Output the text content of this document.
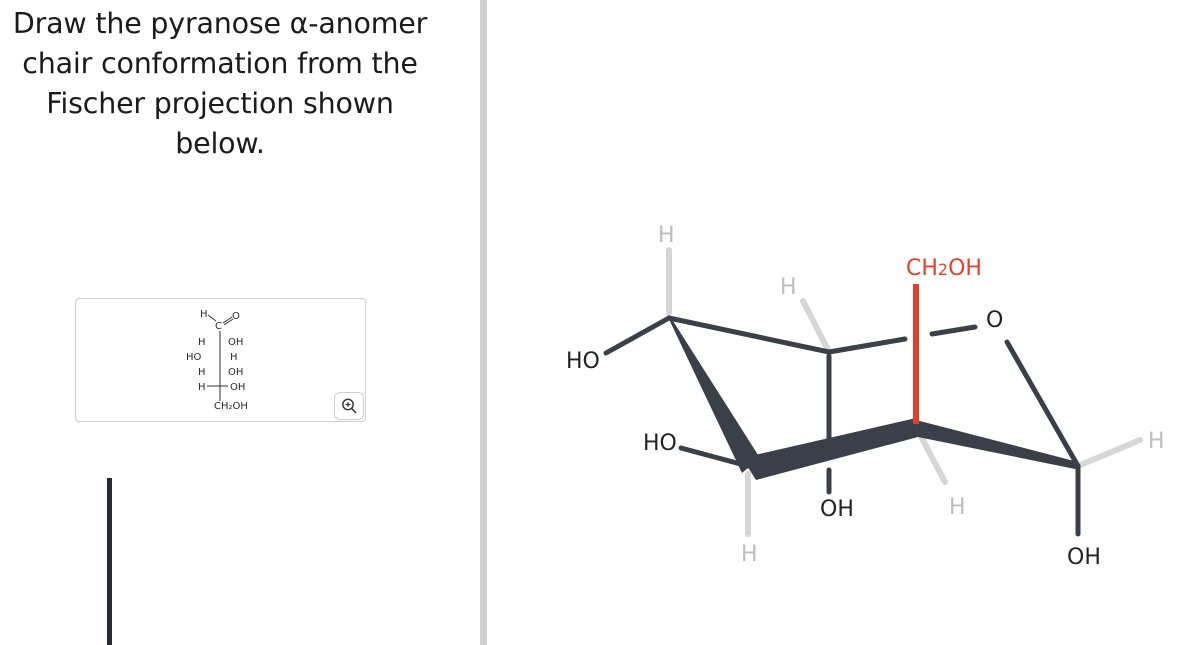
Draw the pyranose α-anomer
chair conformation from the
Fischer projection shown
below.
H
C
O
H OH
HO	H
H OH
H OH
CH₂OH
HO
H
H
HO
H
OH
CH2OH
O
H
H
OH
